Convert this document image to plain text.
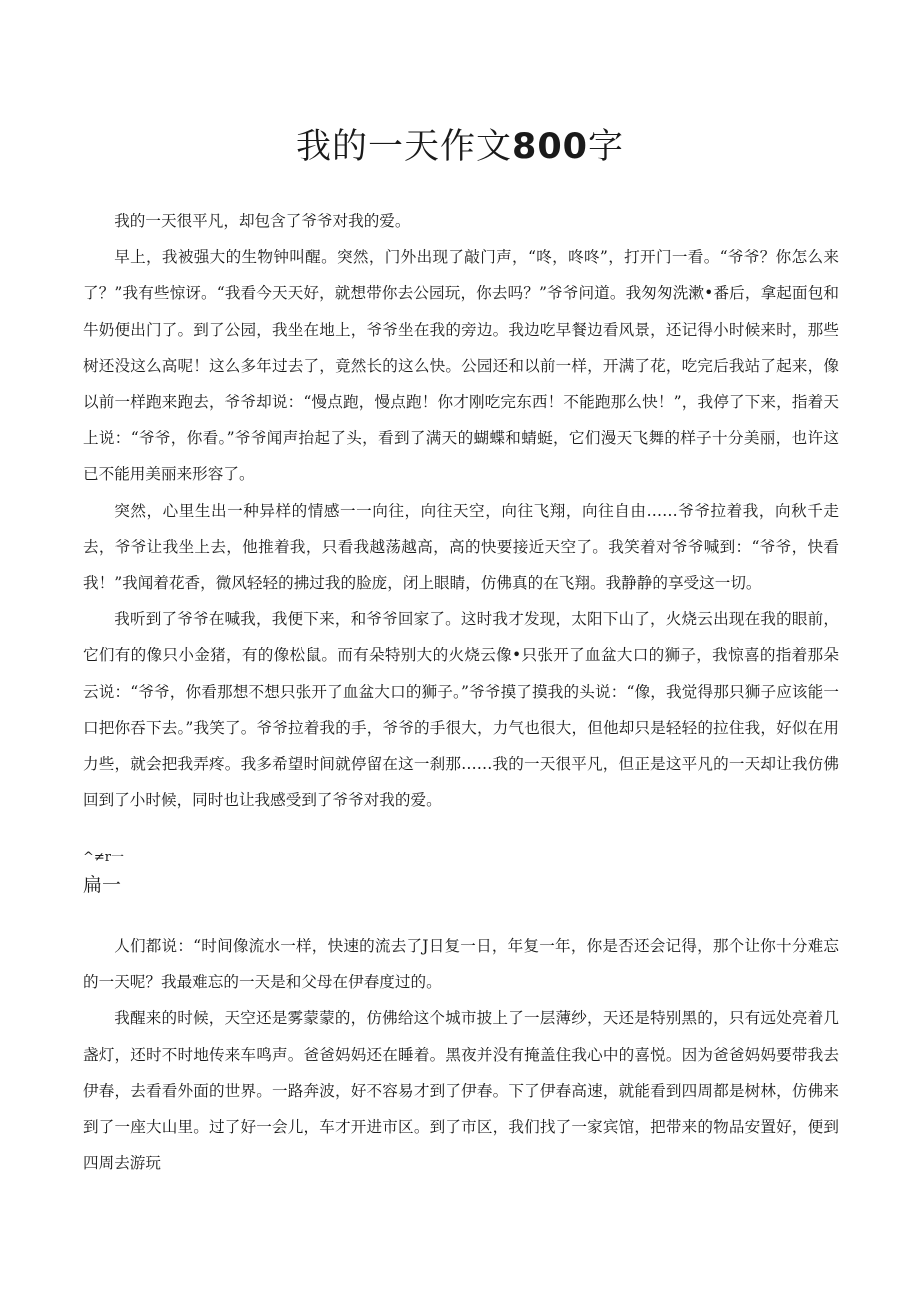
我的一天作文800字

我的一天很平凡，却包含了爷爷对我的爱。

早上，我被强大的生物钟叫醒。突然，门外出现了敲门声，“咚，咚咚”，打开门一看。“爷爷？你怎么来了？”我有些惊讶。“我看今天天好，就想带你去公园玩，你去吗？”爷爷问道。我匆匆洗漱•番后，拿起面包和牛奶便出门了。到了公园，我坐在地上，爷爷坐在我的旁边。我边吃早餐边看风景，还记得小时候来时，那些树还没这么高呢！这么多年过去了，竟然长的这么快。公园还和以前一样，开满了花，吃完后我站了起来，像以前一样跑来跑去，爷爷却说：“慢点跑，慢点跑！你才刚吃完东西！不能跑那么快！”，我停了下来，指着天上说：“爷爷，你看。”爷爷闻声抬起了头，看到了满天的蝴蝶和蜻蜓，它们漫天飞舞的样子十分美丽，也许这已不能用美丽来形容了。

突然，心里生出一种异样的情感一一向往，向往天空，向往飞翔，向往自由……爷爷拉着我，向秋千走去，爷爷让我坐上去，他推着我，只看我越荡越高，高的快要接近天空了。我笑着对爷爷喊到：“爷爷，快看我！”我闻着花香，微风轻轻的拂过我的脸庞，闭上眼睛，仿佛真的在飞翔。我静静的享受这一切。

我听到了爷爷在喊我，我便下来，和爷爷回家了。这时我才发现，太阳下山了，火烧云出现在我的眼前，它们有的像只小金猪，有的像松鼠。而有朵特别大的火烧云像•只张开了血盆大口的狮子，我惊喜的指着那朵云说：“爷爷，你看那想不想只张开了血盆大口的狮子。”爷爷摸了摸我的头说：“像，我觉得那只狮子应该能一口把你吞下去。”我笑了。爷爷拉着我的手，爷爷的手很大，力气也很大，但他却只是轻轻的拉住我，好似在用力些，就会把我弄疼。我多希望时间就停留在这一刹那……我的一天很平凡，但正是这平凡的一天却让我仿佛回到了小时候，同时也让我感受到了爷爷对我的爱。

^≠r一
扁一

人们都说：“时间像流水一样，快速的流去了J日复一日，年复一年，你是否还会记得，那个让你十分难忘的一天呢？我最难忘的一天是和父母在伊春度过的。

我醒来的时候，天空还是雾蒙蒙的，仿佛给这个城市披上了一层薄纱，天还是特别黑的，只有远处亮着几盏灯，还时不时地传来车鸣声。爸爸妈妈还在睡着。黑夜并没有掩盖住我心中的喜悦。因为爸爸妈妈要带我去伊春，去看看外面的世界。一路奔波，好不容易才到了伊春。下了伊春高速，就能看到四周都是树林，仿佛来到了一座大山里。过了好一会儿，车才开进市区。到了市区，我们找了一家宾馆，把带来的物品安置好，便到四周去游玩
